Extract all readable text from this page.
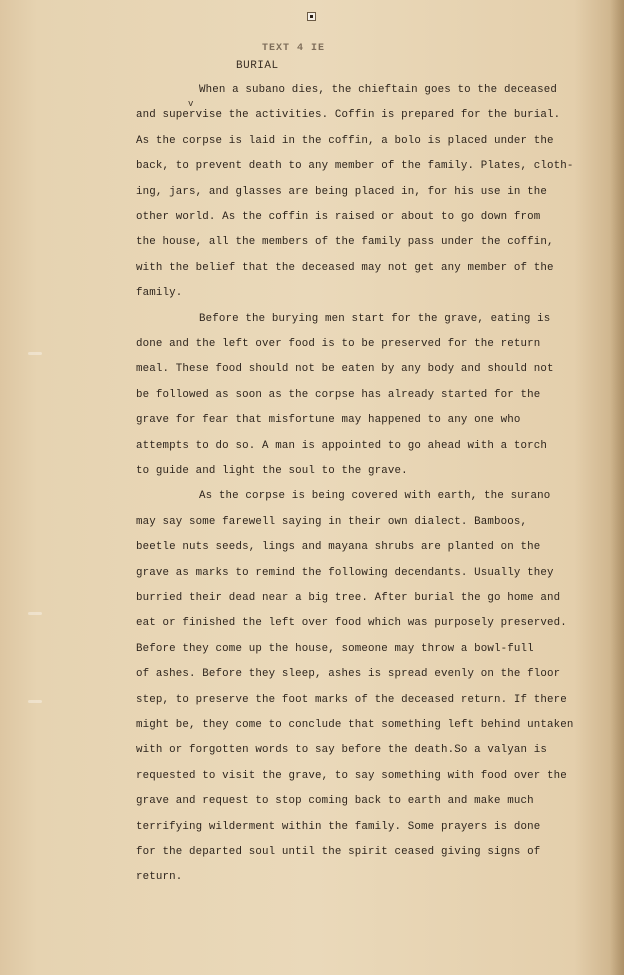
TEXT 4 IE
BURIAL
v
When a subano dies, the chieftain goes to the deceased
and supervise the activities. Coffin is prepared for the burial.
As the corpse is laid in the coffin, a bolo is placed under the
back, to prevent death to any member of the family. Plates, cloth-
ing, jars, and glasses are being placed in, for his use in the
other world. As the coffin is raised or about to go down from
the house, all the members of the family pass under the coffin,
with the belief that the deceased may not get any member of the
family.
Before the burying men start for the grave, eating is
done and the left over food is to be preserved for the return
meal. These food should not be eaten by any body and should not
be followed as soon as the corpse has already started for the
grave for fear that misfortune may happened to any one who
attempts to do so. A man is appointed to go ahead with a torch
to guide and light the soul to the grave.
As the corpse is being covered with earth, the surano
may say some farewell saying in their own dialect. Bamboos,
beetle nuts seeds, lings and mayana shrubs are planted on the
grave as marks to remind the following decendants. Usually they
burried their dead near a big tree. After burial the go home and
eat or finished the left over food which was purposely preserved.
Before they come up the house, someone may throw a bowl-full
of ashes. Before they sleep, ashes is spread evenly on the floor
step, to preserve the foot marks of the deceased return. If there
might be, they come to conclude that something left behind untaken
with or forgotten words to say before the death.So a valyan is
requested to visit the grave, to say something with food over the
grave and request to stop coming back to earth and make much
terrifying wilderment within the family. Some prayers is done
for the departed soul until the spirit ceased giving signs of
return.
